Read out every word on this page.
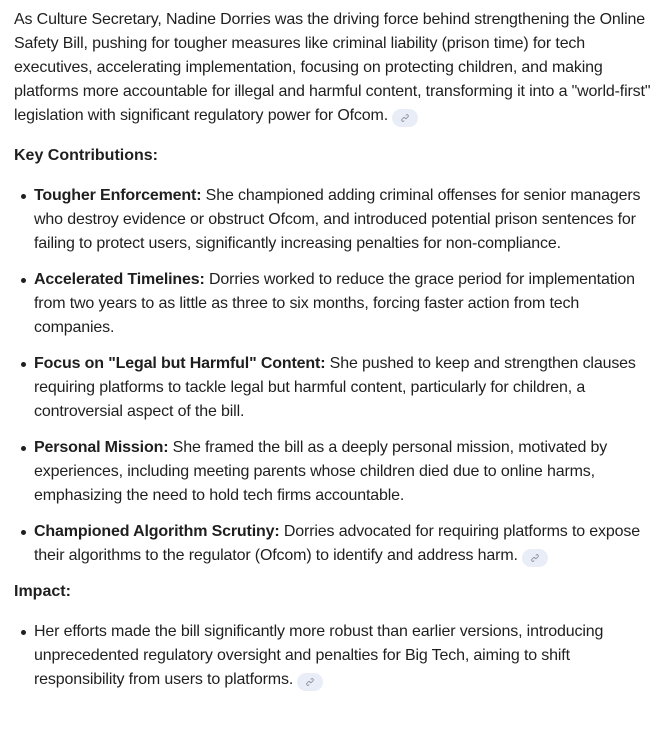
As Culture Secretary, Nadine Dorries was the driving force behind strengthening the Online Safety Bill, pushing for tougher measures like criminal liability (prison time) for tech executives, accelerating implementation, focusing on protecting children, and making platforms more accountable for illegal and harmful content, transforming it into a "world-first" legislation with significant regulatory power for Ofcom.

Key Contributions:

Tougher Enforcement: She championed adding criminal offenses for senior managers who destroy evidence or obstruct Ofcom, and introduced potential prison sentences for failing to protect users, significantly increasing penalties for non-compliance.
Accelerated Timelines: Dorries worked to reduce the grace period for implementation from two years to as little as three to six months, forcing faster action from tech companies.
Focus on "Legal but Harmful" Content: She pushed to keep and strengthen clauses requiring platforms to tackle legal but harmful content, particularly for children, a controversial aspect of the bill.
Personal Mission: She framed the bill as a deeply personal mission, motivated by experiences, including meeting parents whose children died due to online harms, emphasizing the need to hold tech firms accountable.
Championed Algorithm Scrutiny: Dorries advocated for requiring platforms to expose their algorithms to the regulator (Ofcom) to identify and address harm.

Impact:

Her efforts made the bill significantly more robust than earlier versions, introducing unprecedented regulatory oversight and penalties for Big Tech, aiming to shift responsibility from users to platforms.
